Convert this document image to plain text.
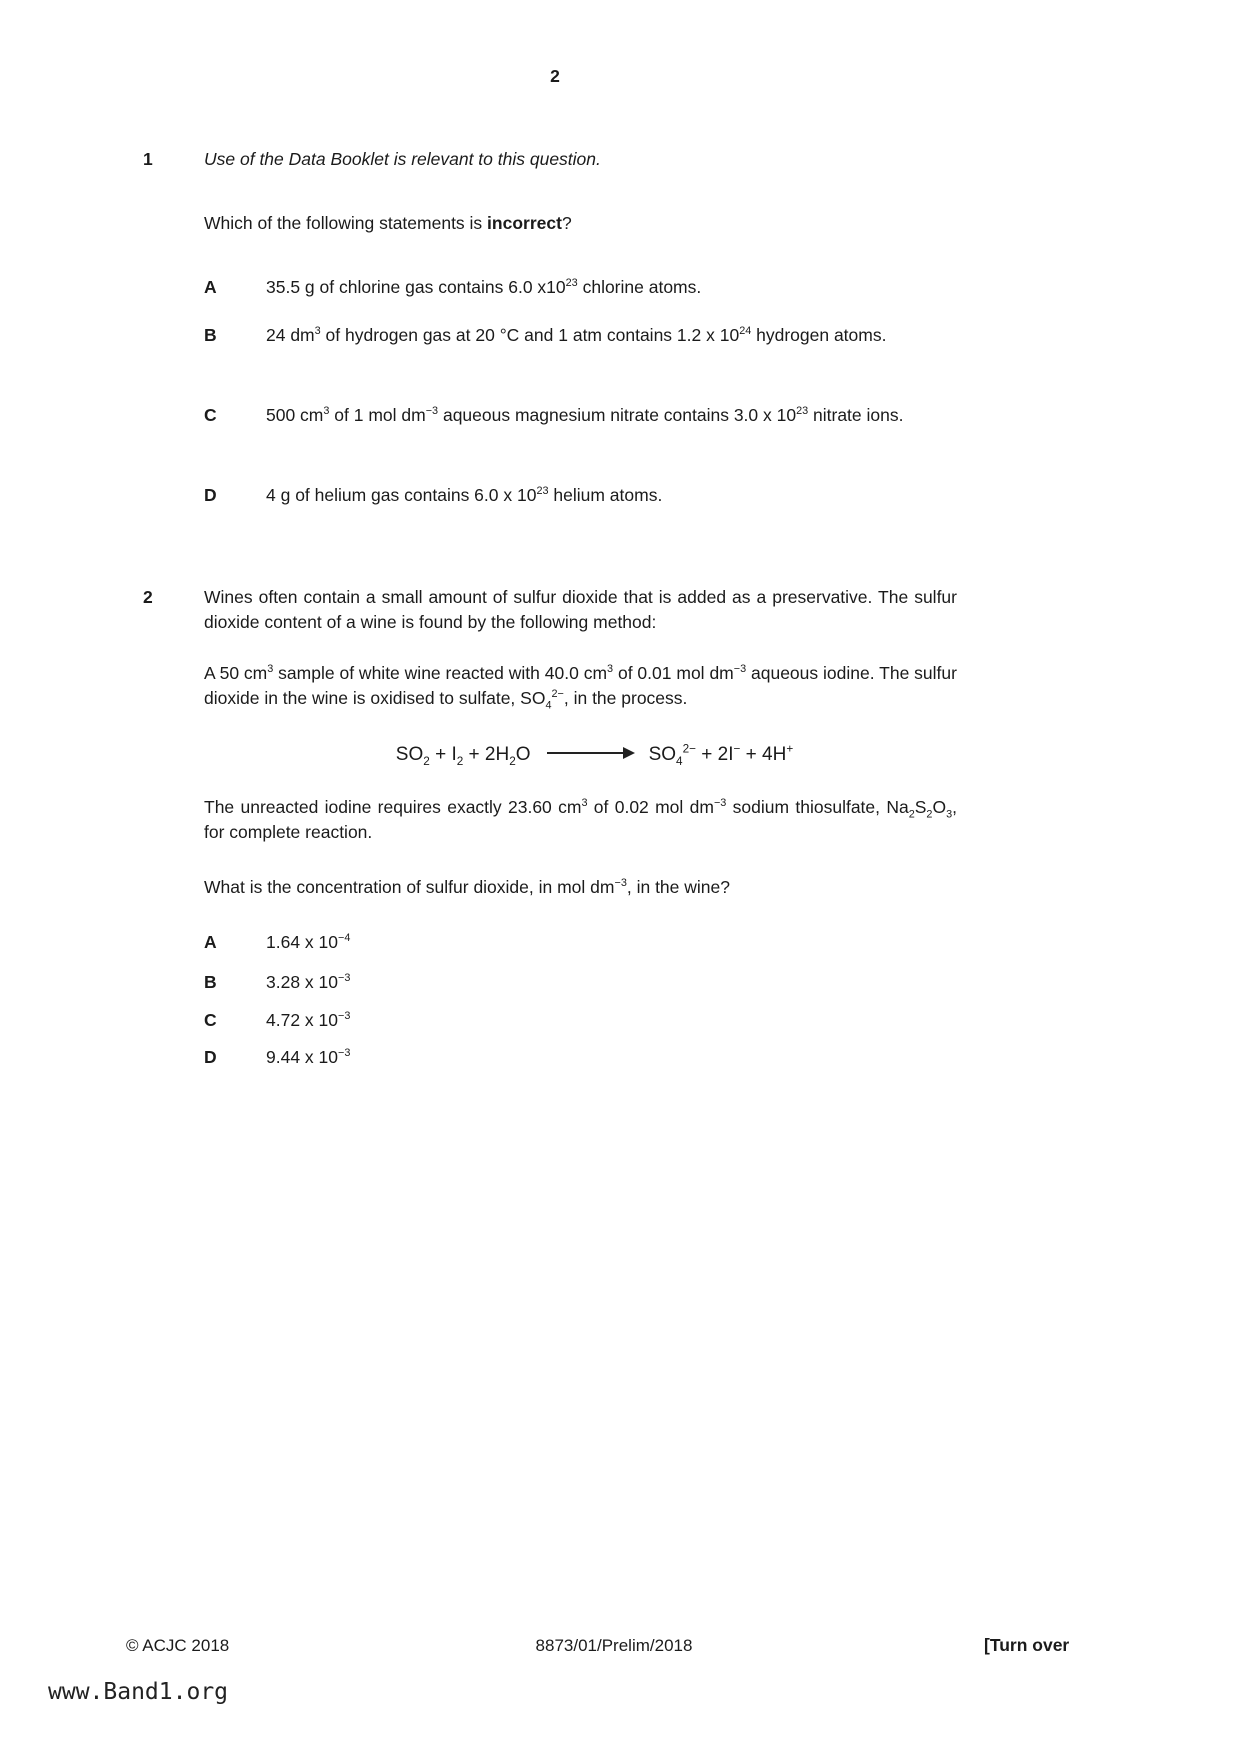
2
1	Use of the Data Booklet is relevant to this question.
Which of the following statements is incorrect?
A	35.5 g of chlorine gas contains 6.0 $x10^{23}$ chlorine atoms.
B	24 $dm^3$ of hydrogen gas at 20 °C and 1 atm contains 1.2 x $10^{24}$ hydrogen atoms.
C	500 $cm^3$ of 1 mol $dm^{-3}$ aqueous magnesium nitrate contains 3.0 x $10^{23}$ nitrate ions.
D	4 g of helium gas contains 6.0 x $10^{23}$ helium atoms.
2	Wines often contain a small amount of sulfur dioxide that is added as a preservative. The sulfur dioxide content of a wine is found by the following method:
A 50 $cm^3$ sample of white wine reacted with 40.0 $cm^3$ of 0.01 mol $dm^{-3}$ aqueous iodine. The sulfur dioxide in the wine is oxidised to sulfate, $SO_4^{2-}$, in the process.
$SO_2 + I_2 + 2H_2O$	$SO_4^{2-} + 2I^- + 4H^+$
The unreacted iodine requires exactly 23.60 $cm^3$ of 0.02 mol $dm^{-3}$ sodium thiosulfate, $Na_2S_2O_3$, for complete reaction.
What is the concentration of sulfur dioxide, in mol $dm^{-3}$, in the wine?
A	1.64 x $10^{-4}$
B	3.28 x $10^{-3}$
C	4.72 x $10^{-3}$
D	9.44 x $10^{-3}$
© ACJC 2018	8873/01/Prelim/2018	[Turn over
www.Band1.org
